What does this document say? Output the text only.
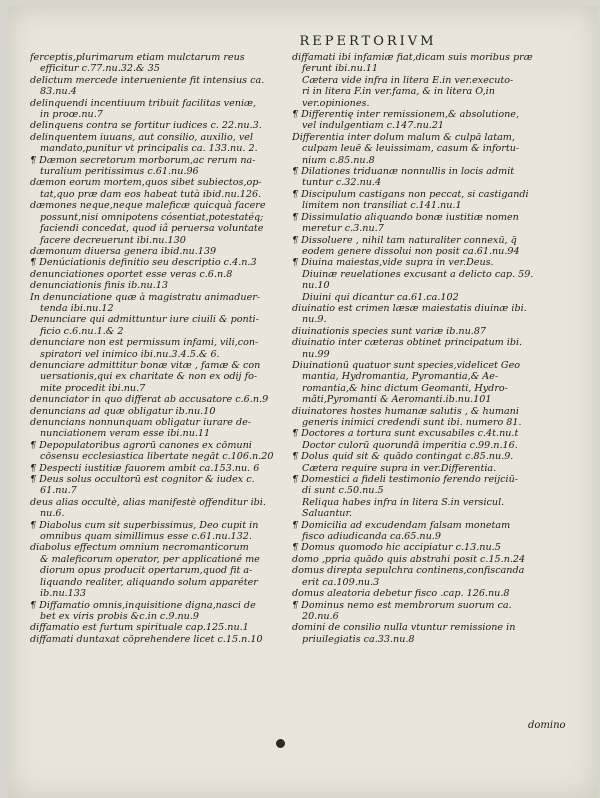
REPERTORIVM
ferceptis,plurimarum etiam mulctarum reus
efficitur c.77.nu.32.& 35
delictum mercede interueniente fit intensius ca.
83.nu.4
delinquendi incentiuum tribuit facilitas veniæ,
in proœ.nu.7
delinquens contra se fortitur iudices c. 22.nu.3.
delinquentem iuuans, aut consilio, auxilio, vel
mandato,punitur vt principalis ca. 133.nu. 2.
¶ Dæmon secretorum morborum,ac rerum na-
turalium peritissimus c.61.nu.96
dæmon eorum mortem,quos sibet subiectos,op-
tat,quo præ dam eos habeat tutà ibid.nu.126.
dæmones neque,neque maleficæ quicquà facere
possunt,nisi omnipotens cósentiat,potestatéq;
faciendi concedat, quod iâ peruersa voluntate
facere decreuerunt ibi.nu.130
dæmonum diuersa genera ibid.nu.139
¶ Denúciationis definitio seu descriptio c.4.n.3
denunciationes oportet esse veras c.6.n.8
denunciationis finis ib.nu.13
In denunciatione quæ à magistratu animaduer-
tenda ibi.nu.12
Denunciare qui admittuntur iure ciuili & ponti-
ficio c.6.nu.1.& 2
denunciare non est permissum infami, vili,con-
spiratori vel inimico ibi.nu.3.4.5.& 6.
denunciare admittitur bonæ vitæ , famæ & con
uersationis,qui ex charitate & non ex odij fo-
mite procedit ibi.nu.7
denunciator in quo differat ab accusatore c.6.n.9
denuncians ad quæ obligatur ib.nu.10
denuncians nonnunquam obligatur iurare de-
nunciationem veram esse ibi.nu.11
¶ Depopulatoribus agrorū canones ex cōmuni
cōsensu ecclesiastica libertate negāt c.106.n.20
¶ Despecti iustitiæ fauorem ambit ca.153.nu. 6
¶ Deus solus occultorū est cognitor & iudex c.
61.nu.7
deus alias occultè, alias manifestè offenditur ibi.
nu.6.
¶ Diabolus cum sit superbissimus, Deo cupit in
omnibus quam simillimus esse c.61.nu.132.
diabolus effectum omnium necromanticorum
& maleficorum operator, per applicationé me
diorum opus producit opertarum,quod fit a-
liquando realiter, aliquando solum apparéter
ib.nu.133
¶ Diffamatio omnis,inquisitione digna,nasci de
bet ex viris probis &c.in c.9.nu.9
diffamatio est furtum spirituale cap.125.nu.1
diffamati duntaxat cōprehendere licet c.15.n.10
diffamati ibi infamiæ fiat,dicam suis moribus præ
ferunt ibi.nu.11
Cætera vide infra in litera E.in ver.executo-
ri in litera F.in ver.fama, & in litera O,in
ver.opiniones.
¶ Differentię inter remissionem,& absolutione,
vel indulgentiam c.147.nu.21
Differentia inter dolum malum & culpā latam,
culpam leuē & leuissimam, casum & infortu-
nium c.85.nu.8
¶ Dilationes triduanæ nonnullis in locis admit
tuntur c.32.nu.4
¶ Discipulum castigans non peccat, si castigandi
limitem non transiliat c.141.nu.1
¶ Dissimulatio aliquando bonæ iustitiæ nomen
meretur c.3.nu.7
¶ Dissoluere , nihil tam naturaliter connexū, q̄
eodem genere dissolui non posit ca.61.nu.94
¶ Diuina maiestas,vide supra in ver.Deus.
Diuinæ reuelationes excusant a delicto cap. 59.
nu.10
Diuini qui dicantur ca.61.ca.102
diuinatio est crimen læsæ maiestatis diuinæ ibi.
nu.9.
diuinationis species sunt variæ ib.nu.87
diuinatio inter cæteras obtinet principatum ibi.
nu.99
Diuinationū quatuor sunt species,videlicet Geo
mantia, Hydromantia, Pyromantia,& Ae-
romantia,& hinc dictum Geomanti, Hydro-
mãti,Pyromanti & Aeromanti.ib.nu.101
diuinatores hostes humanæ salutis , & humani
generis inimici credendi sunt ibi. numero 81.
¶ Doctores a tortura sunt excusabiles c.4t.nu.t
Doctor culorū quorundā imperitia c.99.n.16.
¶ Dolus quid sit & quādo contingat c.85.nu.9.
Cætera require supra in ver.Differentia.
¶ Domestici a fideli testimonio ferendo reijciū-
di sunt c.50.nu.5
Reliqua habes infra in litera S.in versicul.
Saluantur.
¶ Domicilia ad excudendam falsam monetam
fisco adiudicanda ca.65.nu.9
¶ Domus quomodo hic accipiatur c.13.nu.5
domo ,ppria quādo quis abstrahi posit c.15.n.24
domus direpta sepulchra continens,confiscanda
erit ca.109.nu.3
domus aleatoria debetur fisco .cap. 126.nu.8
¶ Dominus nemo est membrorum suorum ca.
20.nu.6
domini de consilio nulla vtuntur remissione in
priuilegiatis ca.33.nu.8
domino
